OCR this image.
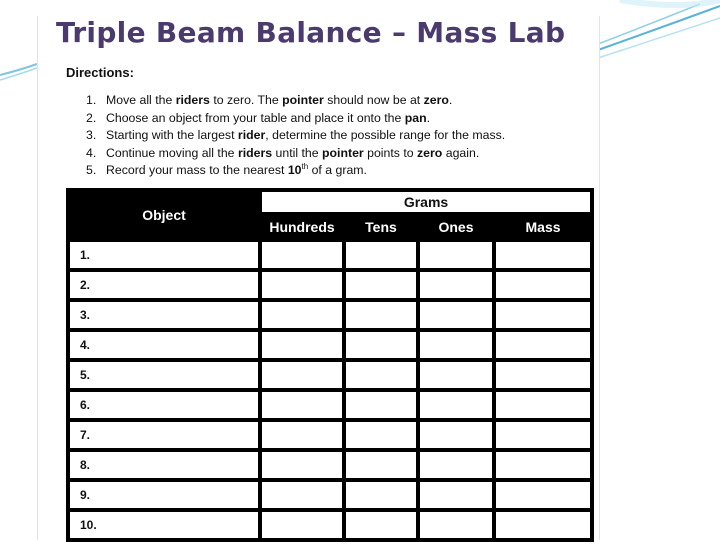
Triple Beam Balance – Mass Lab
Directions:
1. Move all the riders to zero. The pointer should now be at zero.
2. Choose an object from your table and place it onto the pan.
3. Starting with the largest rider, determine the possible range for the mass.
4. Continue moving all the riders until the pointer points to zero again.
5. Record your mass to the nearest 10th of a gram.
Object	Grams			
	Hundreds	Tens	Ones	Mass
1.				
2.				
3.				
4.				
5.				
6.				
7.				
8.				
9.				
10.				
